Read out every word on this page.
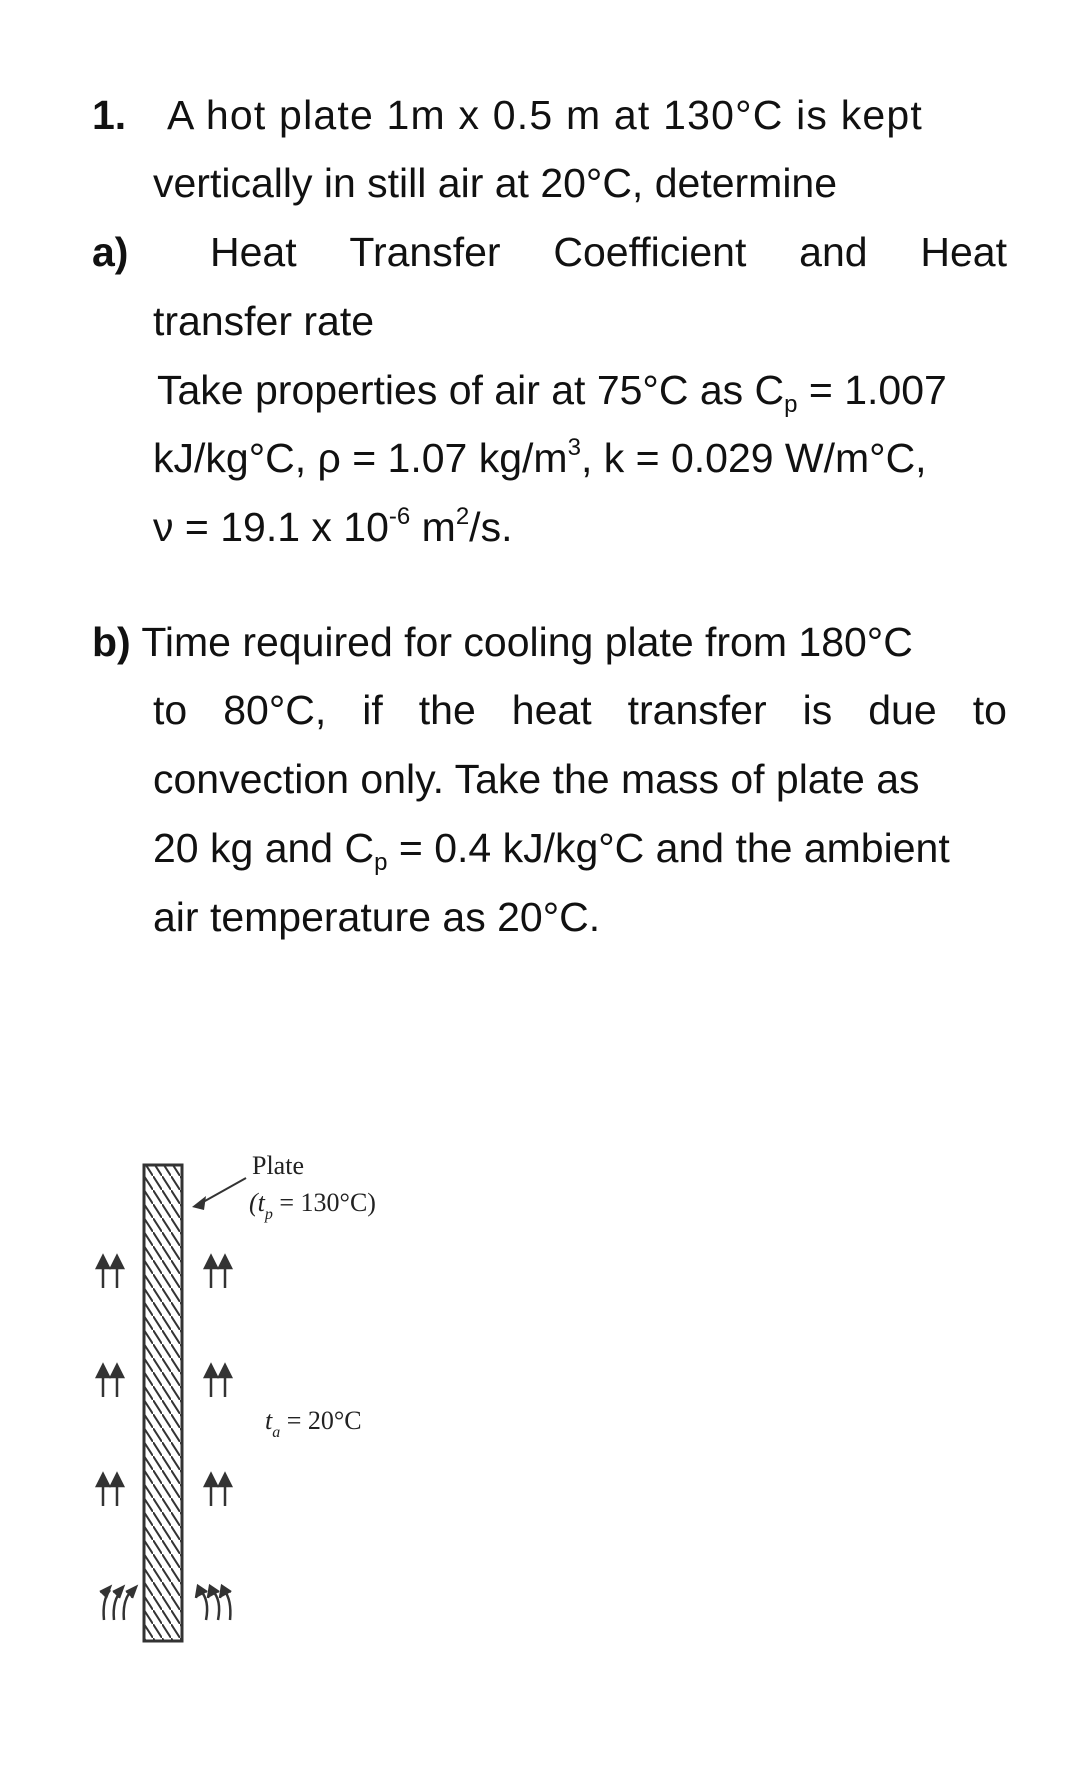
1. A hot plate 1m x 0.5 m at 130°C is kept
vertically in still air at 20°C, determine
a) Heat Transfer Coefficient and Heat
transfer rate
Take properties of air at 75°C as $C_p = 1.007$
kJ/kg°C, ρ = 1.07 $kg/m^3$, k = 0.029 W/m°C,
ν = 19.1 x $10^{-6}$ $m^2/s$.
b) Time required for cooling plate from 180°C
to 80°C, if the heat transfer is due to
convection only. Take the mass of plate as
20 kg and $C_p = 0.4$ kJ/kg°C and the ambient
air temperature as 20°C.
Plate
$(t_p = 130^\circ C)$
$t_a = 20^\circ C$
